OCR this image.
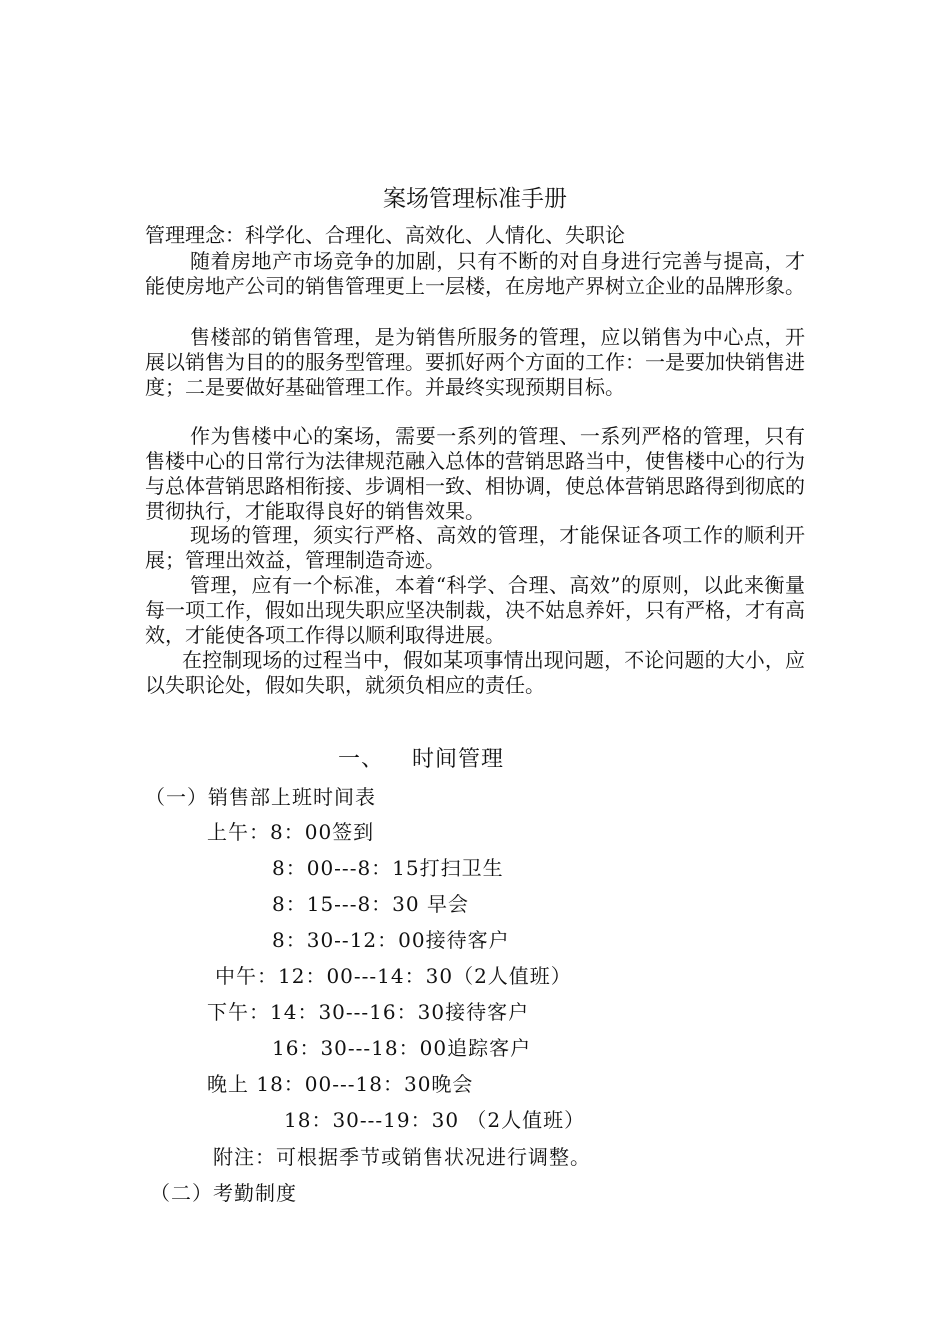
案场管理标准手册

管理理念：科学化、合理化、高效化、人情化、失职论

随着房地产市场竞争的加剧，只有不断的对自身进行完善与提高，才能使房地产公司的销售管理更上一层楼，在房地产界树立企业的品牌形象。

售楼部的销售管理，是为销售所服务的管理，应以销售为中心点，开展以销售为目的的服务型管理。要抓好两个方面的工作：一是要加快销售进度；二是要做好基础管理工作。并最终实现预期目标。

作为售楼中心的案场，需要一系列的管理、一系列严格的管理，只有售楼中心的日常行为法律规范融入总体的营销思路当中，使售楼中心的行为与总体营销思路相衔接、步调相一致、相协调，使总体营销思路得到彻底的贯彻执行，才能取得良好的销售效果。

现场的管理，须实行严格、高效的管理，才能保证各项工作的顺利开展；管理出效益，管理制造奇迹。

管理，应有一个标准，本着“科学、合理、高效”的原则，以此来衡量每一项工作，假如出现失职应坚决制裁，决不姑息养奸，只有严格，才有高效，才能使各项工作得以顺利取得进展。

在控制现场的过程当中，假如某项事情出现问题，不论问题的大小，应以失职论处，假如失职，就须负相应的责任。

一、 时间管理
（一）销售部上班时间表
上午：8：00签到
8：00---8：15打扫卫生
8：15---8：30 早会
8：30--12：00接待客户
中午：12：00---14：30（2人值班）
下午：14：30---16：30接待客户
16：30---18：00追踪客户
晚上 18：00---18：30晚会
18：30---19：30 （2人值班）
附注：可根据季节或销售状况进行调整。
（二）考勤制度
